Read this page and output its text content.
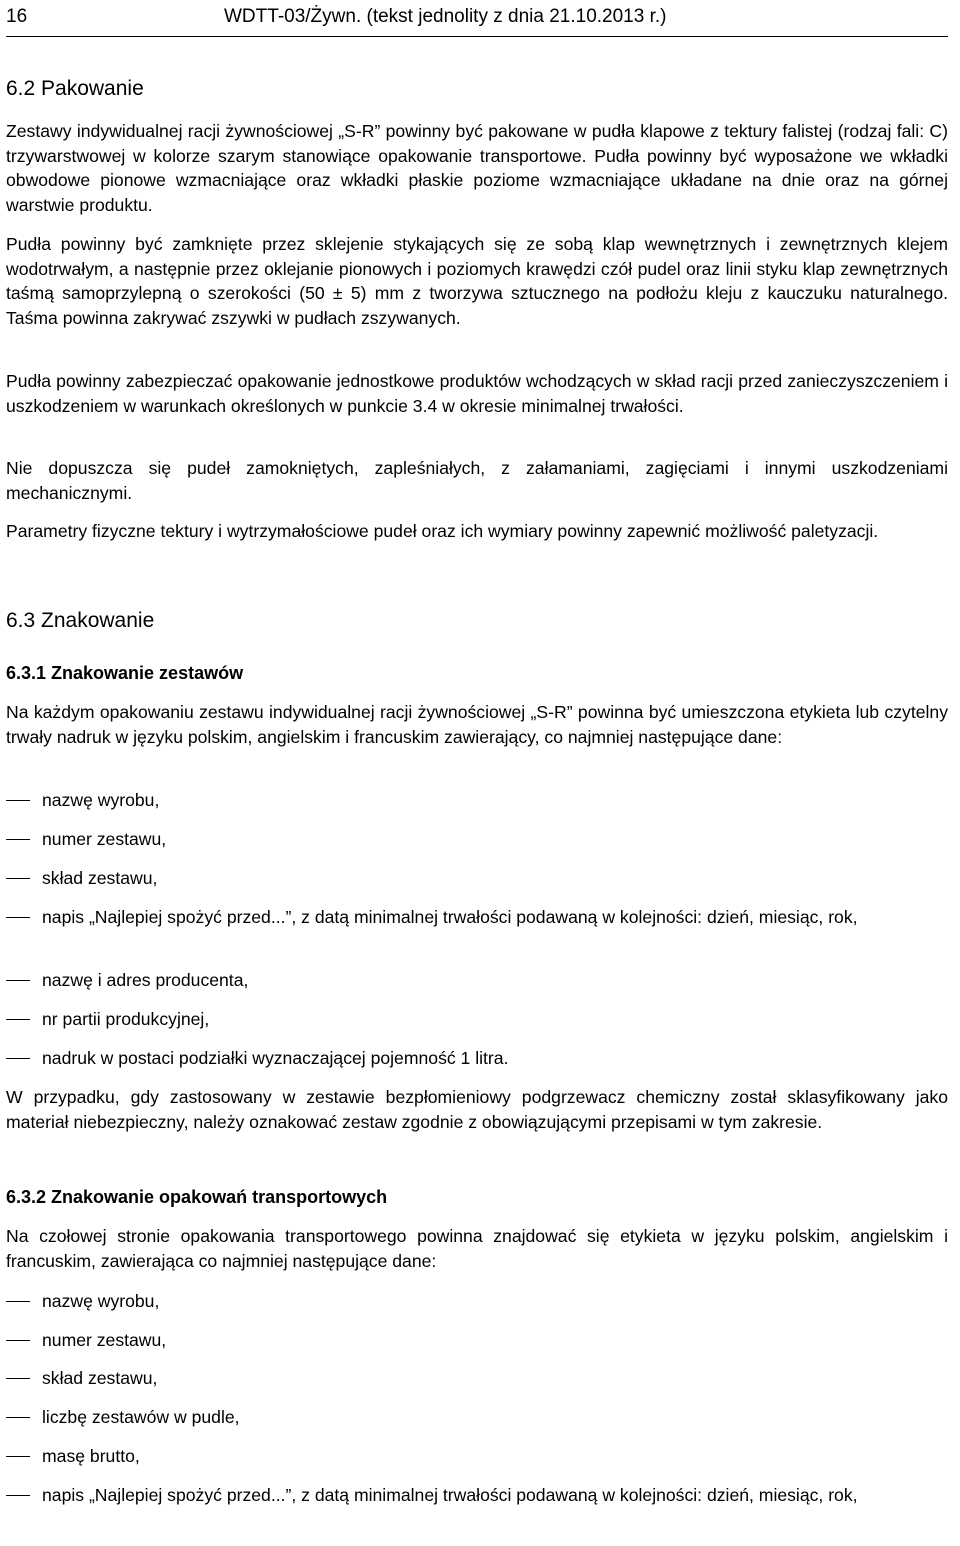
16	WDTT-03/Żywn. (tekst jednolity z dnia 21.10.2013 r.)
6.2 Pakowanie

Zestawy indywidualnej racji żywnościowej „S-R” powinny być pakowane w pudła klapowe z tektury falistej (rodzaj fali: C) trzywarstwowej w kolorze szarym stanowiące opakowanie transportowe. Pudła powinny być wyposażone we wkładki obwodowe pionowe wzmacniające oraz wkładki płaskie poziome wzmacniające układane na dnie oraz na górnej warstwie produktu.

Pudła powinny być zamknięte przez sklejenie stykających się ze sobą klap wewnętrznych i zewnętrznych klejem wodotrwałym, a następnie przez oklejanie pionowych i poziomych krawędzi czół pudel oraz linii styku klap zewnętrznych taśmą samoprzylepną o szerokości (50 ± 5) mm z tworzywa sztucznego na podłożu kleju z kauczuku naturalnego. Taśma powinna zakrywać zszywki w pudłach zszywanych.

Pudła powinny zabezpieczać opakowanie jednostkowe produktów wchodzących w skład racji przed zanieczyszczeniem i uszkodzeniem w warunkach określonych w punkcie 3.4 w okresie minimalnej trwałości.

Nie dopuszcza się pudeł zamokniętych, zapleśniałych, z załamaniami, zagięciami i innymi uszkodzeniami mechanicznymi.

Parametry fizyczne tektury i wytrzymałościowe pudeł oraz ich wymiary powinny zapewnić możliwość paletyzacji.

6.3 Znakowanie
6.3.1 Znakowanie zestawów

Na każdym opakowaniu zestawu indywidualnej racji żywnościowej „S-R” powinna być umieszczona etykieta lub czytelny trwały nadruk w języku polskim, angielskim i francuskim zawierający, co najmniej następujące dane:

nazwę wyrobu,
numer zestawu,
skład zestawu,
napis „Najlepiej spożyć przed...”, z datą minimalnej trwałości podawaną w kolejności: dzień, miesiąc, rok,
nazwę i adres producenta,
nr partii produkcyjnej,
nadruk w postaci podziałki wyznaczającej pojemność 1 litra.

W przypadku, gdy zastosowany w zestawie bezpłomieniowy podgrzewacz chemiczny został sklasyfikowany jako materiał niebezpieczny, należy oznakować zestaw zgodnie z obowiązującymi przepisami w tym zakresie.

6.3.2 Znakowanie opakowań transportowych

Na czołowej stronie opakowania transportowego powinna znajdować się etykieta w języku polskim, angielskim i francuskim, zawierająca co najmniej następujące dane:

nazwę wyrobu,
numer zestawu,
skład zestawu,
liczbę zestawów w pudle,
masę brutto,
napis „Najlepiej spożyć przed...”, z datą minimalnej trwałości podawaną w kolejności: dzień, miesiąc, rok,
